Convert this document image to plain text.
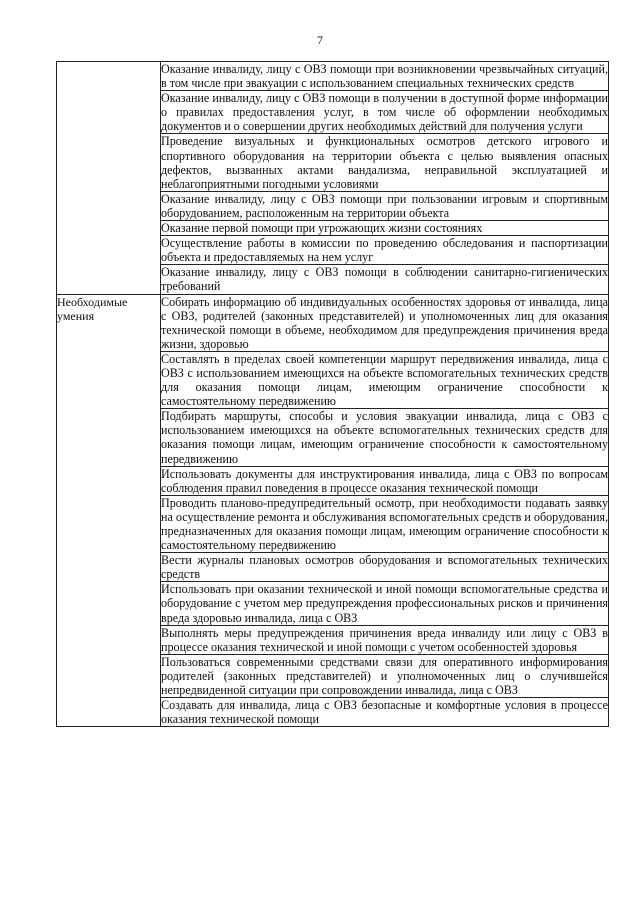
7
	Оказание инвалиду, лицу с ОВЗ помощи при возникновении чрезвычайных ситуаций, в том числе при эвакуации с использованием специальных технических средств
	Оказание инвалиду, лицу с ОВЗ помощи в получении в доступной форме информации о правилах предоставления услуг, в том числе об оформлении необходимых документов и о совершении других необходимых действий для получения услуги
	Проведение визуальных и функциональных осмотров детского игрового и спортивного оборудования на территории объекта с целью выявления опасных дефектов, вызванных актами вандализма, неправильной эксплуатацией и неблагоприятными погодными условиями
	Оказание инвалиду, лицу с ОВЗ помощи при пользовании игровым и спортивным оборудованием, расположенным на территории объекта
	Оказание первой помощи при угрожающих жизни состояниях
	Осуществление работы в комиссии по проведению обследования и паспортизации объекта и предоставляемых на нем услуг
	Оказание инвалиду, лицу с ОВЗ помощи в соблюдении санитарно-гигиенических требований
Необходимые умения	Собирать информацию об индивидуальных особенностях здоровья от инвалида, лица с ОВЗ, родителей (законных представителей) и уполномоченных лиц для оказания технической помощи в объеме, необходимом для предупреждения причинения вреда жизни, здоровью
	Составлять в пределах своей компетенции маршрут передвижения инвалида, лица с ОВЗ с использованием имеющихся на объекте вспомогательных технических средств для оказания помощи лицам, имеющим ограничение способности к самостоятельному передвижению
	Подбирать маршруты, способы и условия эвакуации инвалида, лица с ОВЗ с использованием имеющихся на объекте вспомогательных технических средств для оказания помощи лицам, имеющим ограничение способности к самостоятельному передвижению
	Использовать документы для инструктирования инвалида, лица с ОВЗ по вопросам соблюдения правил поведения в процессе оказания технической помощи
	Проводить планово-предупредительный осмотр, при необходимости подавать заявку на осуществление ремонта и обслуживания вспомогательных средств и оборудования, предназначенных для оказания помощи лицам, имеющим ограничение способности к самостоятельному передвижению
	Вести журналы плановых осмотров оборудования и вспомогательных технических средств
	Использовать при оказании технической и иной помощи вспомогательные средства и оборудование с учетом мер предупреждения профессиональных рисков и причинения вреда здоровью инвалида, лица с ОВЗ
	Выполнять меры предупреждения причинения вреда инвалиду или лицу с ОВЗ в процессе оказания технической и иной помощи с учетом особенностей здоровья
	Пользоваться современными средствами связи для оперативного информирования родителей (законных представителей) и уполномоченных лиц о случившейся непредвиденной ситуации при сопровождении инвалида, лица с ОВЗ
	Создавать для инвалида, лица с ОВЗ безопасные и комфортные условия в процессе оказания технической помощи
